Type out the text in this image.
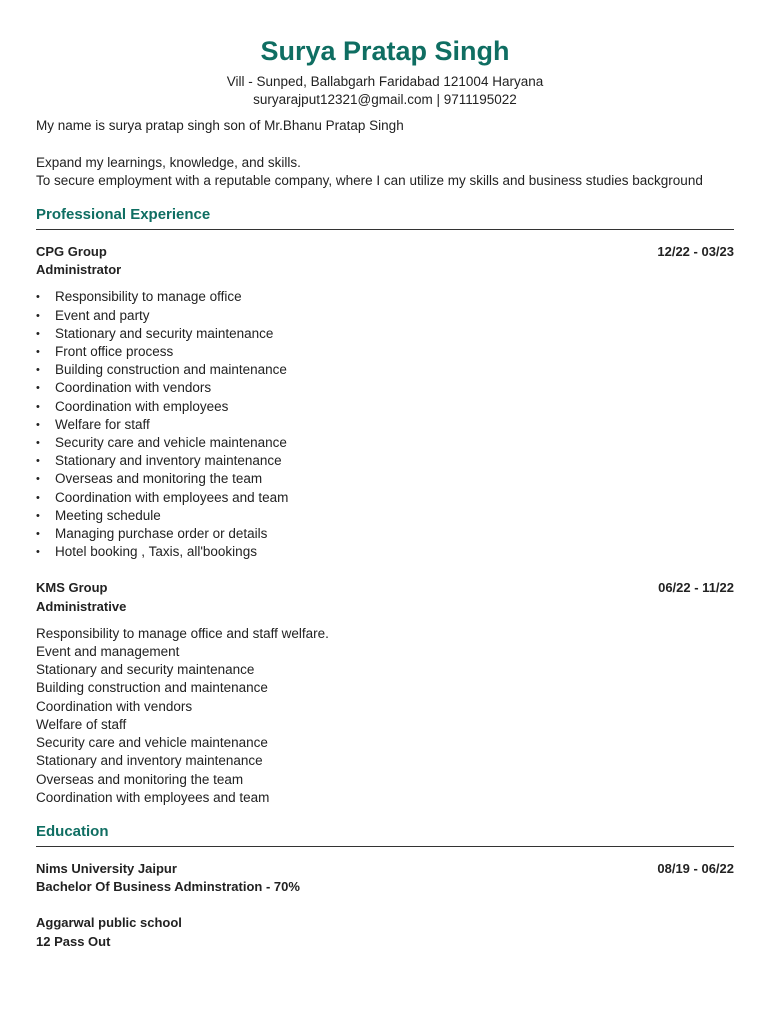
Surya Pratap Singh
Vill - Sunped, Ballabgarh Faridabad 121004 Haryana
suryarajput12321@gmail.com | 9711195022
My name is surya pratap singh son of Mr.Bhanu Pratap Singh
Expand my learnings, knowledge, and skills.
To secure employment with a reputable company, where I can utilize my skills and business studies background
Professional Experience
CPG Group	12/22 - 03/23
Administrator
• Responsibility to manage office
• Event and party
• Stationary and security maintenance
• Front office process
• Building construction and maintenance
• Coordination with vendors
• Coordination with employees
• Welfare for staff
• Security care and vehicle maintenance
• Stationary and inventory maintenance
• Overseas and monitoring the team
• Coordination with employees and team
• Meeting schedule
• Managing purchase order or details
• Hotel booking , Taxis, all'bookings
KMS Group	06/22 - 11/22
Administrative
Responsibility to manage office and staff welfare.
Event and management
Stationary and security maintenance
Building construction and maintenance
Coordination with vendors
Welfare of staff
Security care and vehicle maintenance
Stationary and inventory maintenance
Overseas and monitoring the team
Coordination with employees and team
Education
Nims University Jaipur	08/19 - 06/22
Bachelor Of Business Adminstration - 70%
Aggarwal public school
12 Pass Out
